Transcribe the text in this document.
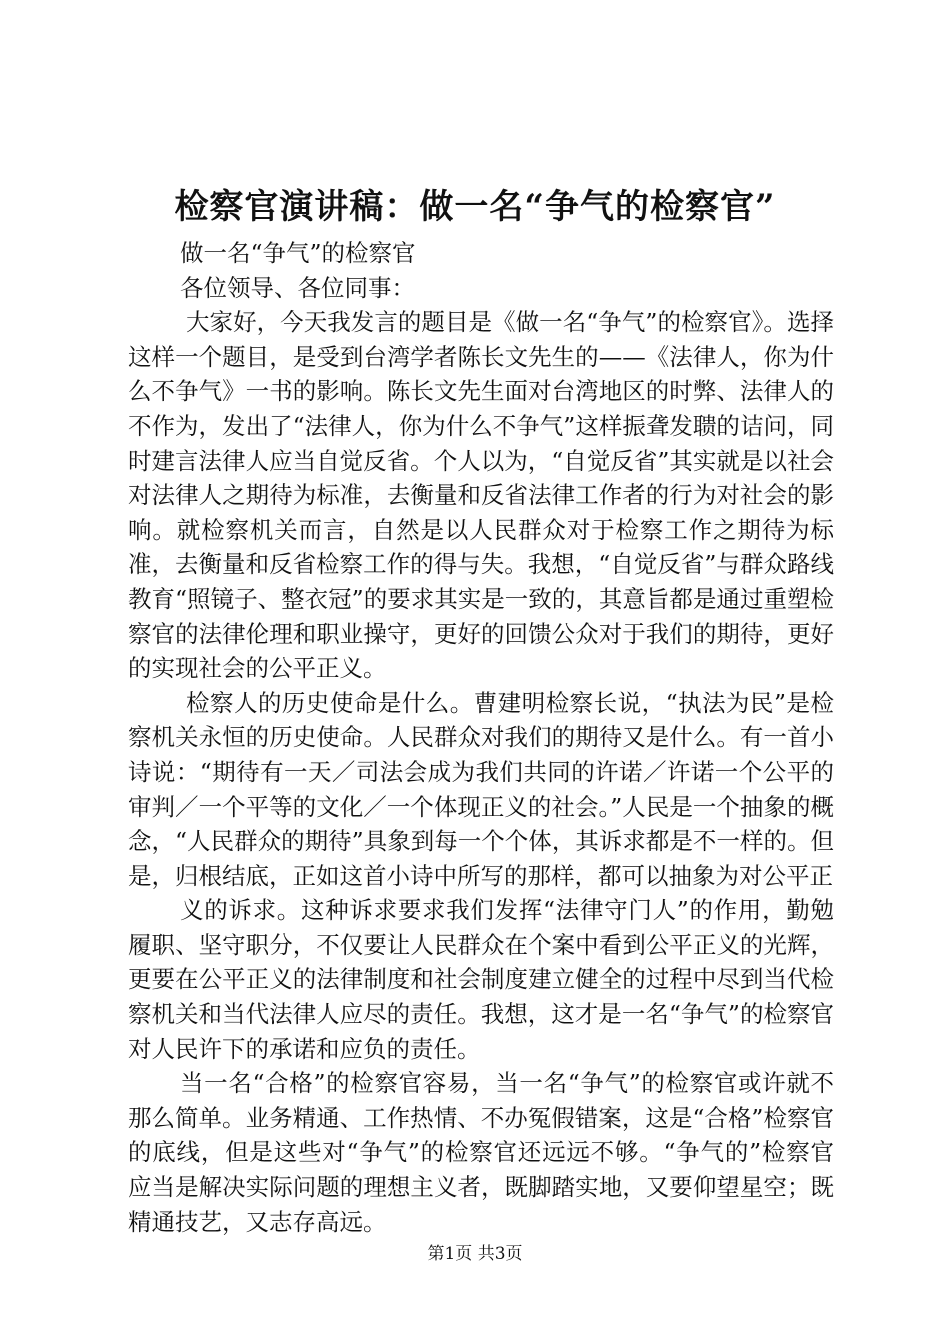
检察官演讲稿：做一名“争气的检察官”

做一名“争气”的检察官

各位领导、各位同事：

大家好，今天我发言的题目是《做一名“争气”的检察官》。选择这样一个题目，是受到台湾学者陈长文先生的——《法律人，你为什么不争气》一书的影响。陈长文先生面对台湾地区的时弊、法律人的不作为，发出了“法律人，你为什么不争气”这样振聋发聩的诘问，同时建言法律人应当自觉反省。个人以为，“自觉反省”其实就是以社会对法律人之期待为标准，去衡量和反省法律工作者的行为对社会的影响。就检察机关而言，自然是以人民群众对于检察工作之期待为标准，去衡量和反省检察工作的得与失。我想，“自觉反省”与群众路线教育“照镜子、整衣冠”的要求其实是一致的，其意旨都是通过重塑检察官的法律伦理和职业操守，更好的回馈公众对于我们的期待，更好的实现社会的公平正义。

检察人的历史使命是什么。曹建明检察长说，“执法为民”是检察机关永恒的历史使命。人民群众对我们的期待又是什么。有一首小诗说：“期待有一天／司法会成为我们共同的许诺／许诺一个公平的审判／一个平等的文化／一个体现正义的社会。”人民是一个抽象的概念，“人民群众的期待”具象到每一个个体，其诉求都是不一样的。但是，归根结底，正如这首小诗中所写的那样，都可以抽象为对公平正

义的诉求。这种诉求要求我们发挥“法律守门人”的作用，勤勉履职、坚守职分，不仅要让人民群众在个案中看到公平正义的光辉，更要在公平正义的法律制度和社会制度建立健全的过程中尽到当代检察机关和当代法律人应尽的责任。我想，这才是一名“争气”的检察官对人民许下的承诺和应负的责任。

当一名“合格”的检察官容易，当一名“争气”的检察官或许就不那么简单。业务精通、工作热情、不办冤假错案，这是“合格”检察官的底线，但是这些对“争气”的检察官还远远不够。“争气的”检察官应当是解决实际问题的理想主义者，既脚踏实地，又要仰望星空；既精通技艺，又志存高远。

第1页 共3页
